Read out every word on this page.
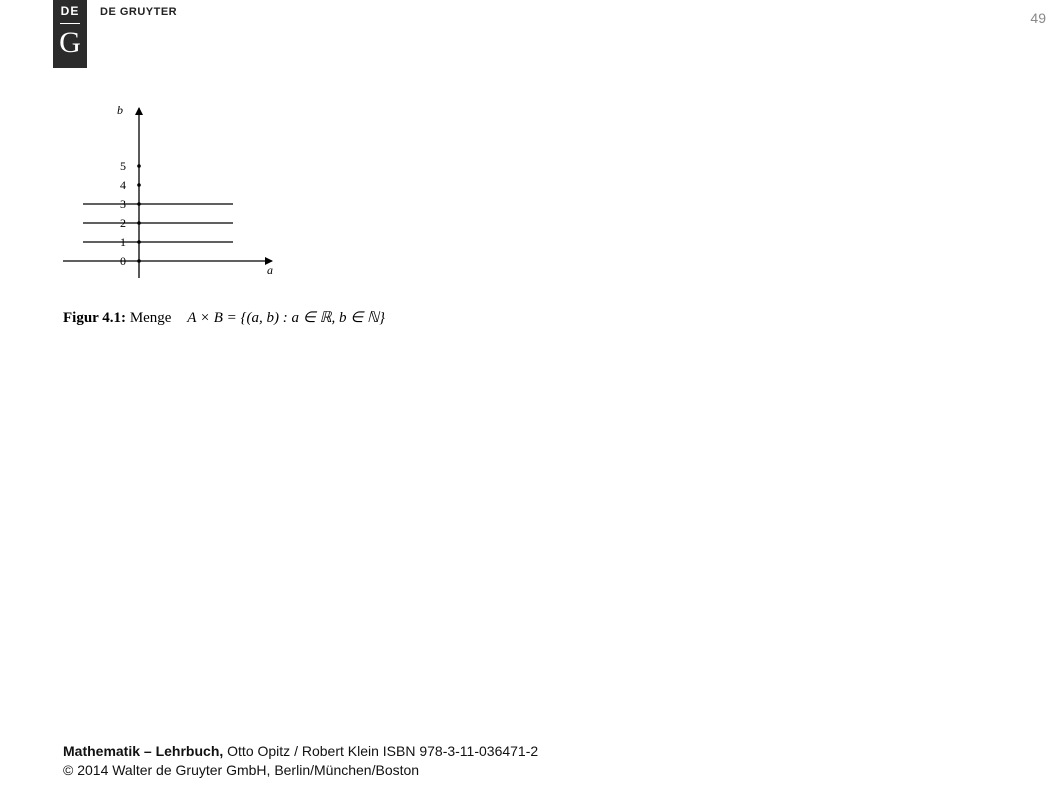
DE
G
DE GRUYTER	49
5
4
3
2
1
0
b
a
Figur 4.1: Menge A × B = {(a, b) : a ∈ ℝ, b ∈ ℕ}
Mathematik – Lehrbuch, Otto Opitz / Robert Klein ISBN 978-3-11-036471-2
© 2014 Walter de Gruyter GmbH, Berlin/München/Boston
